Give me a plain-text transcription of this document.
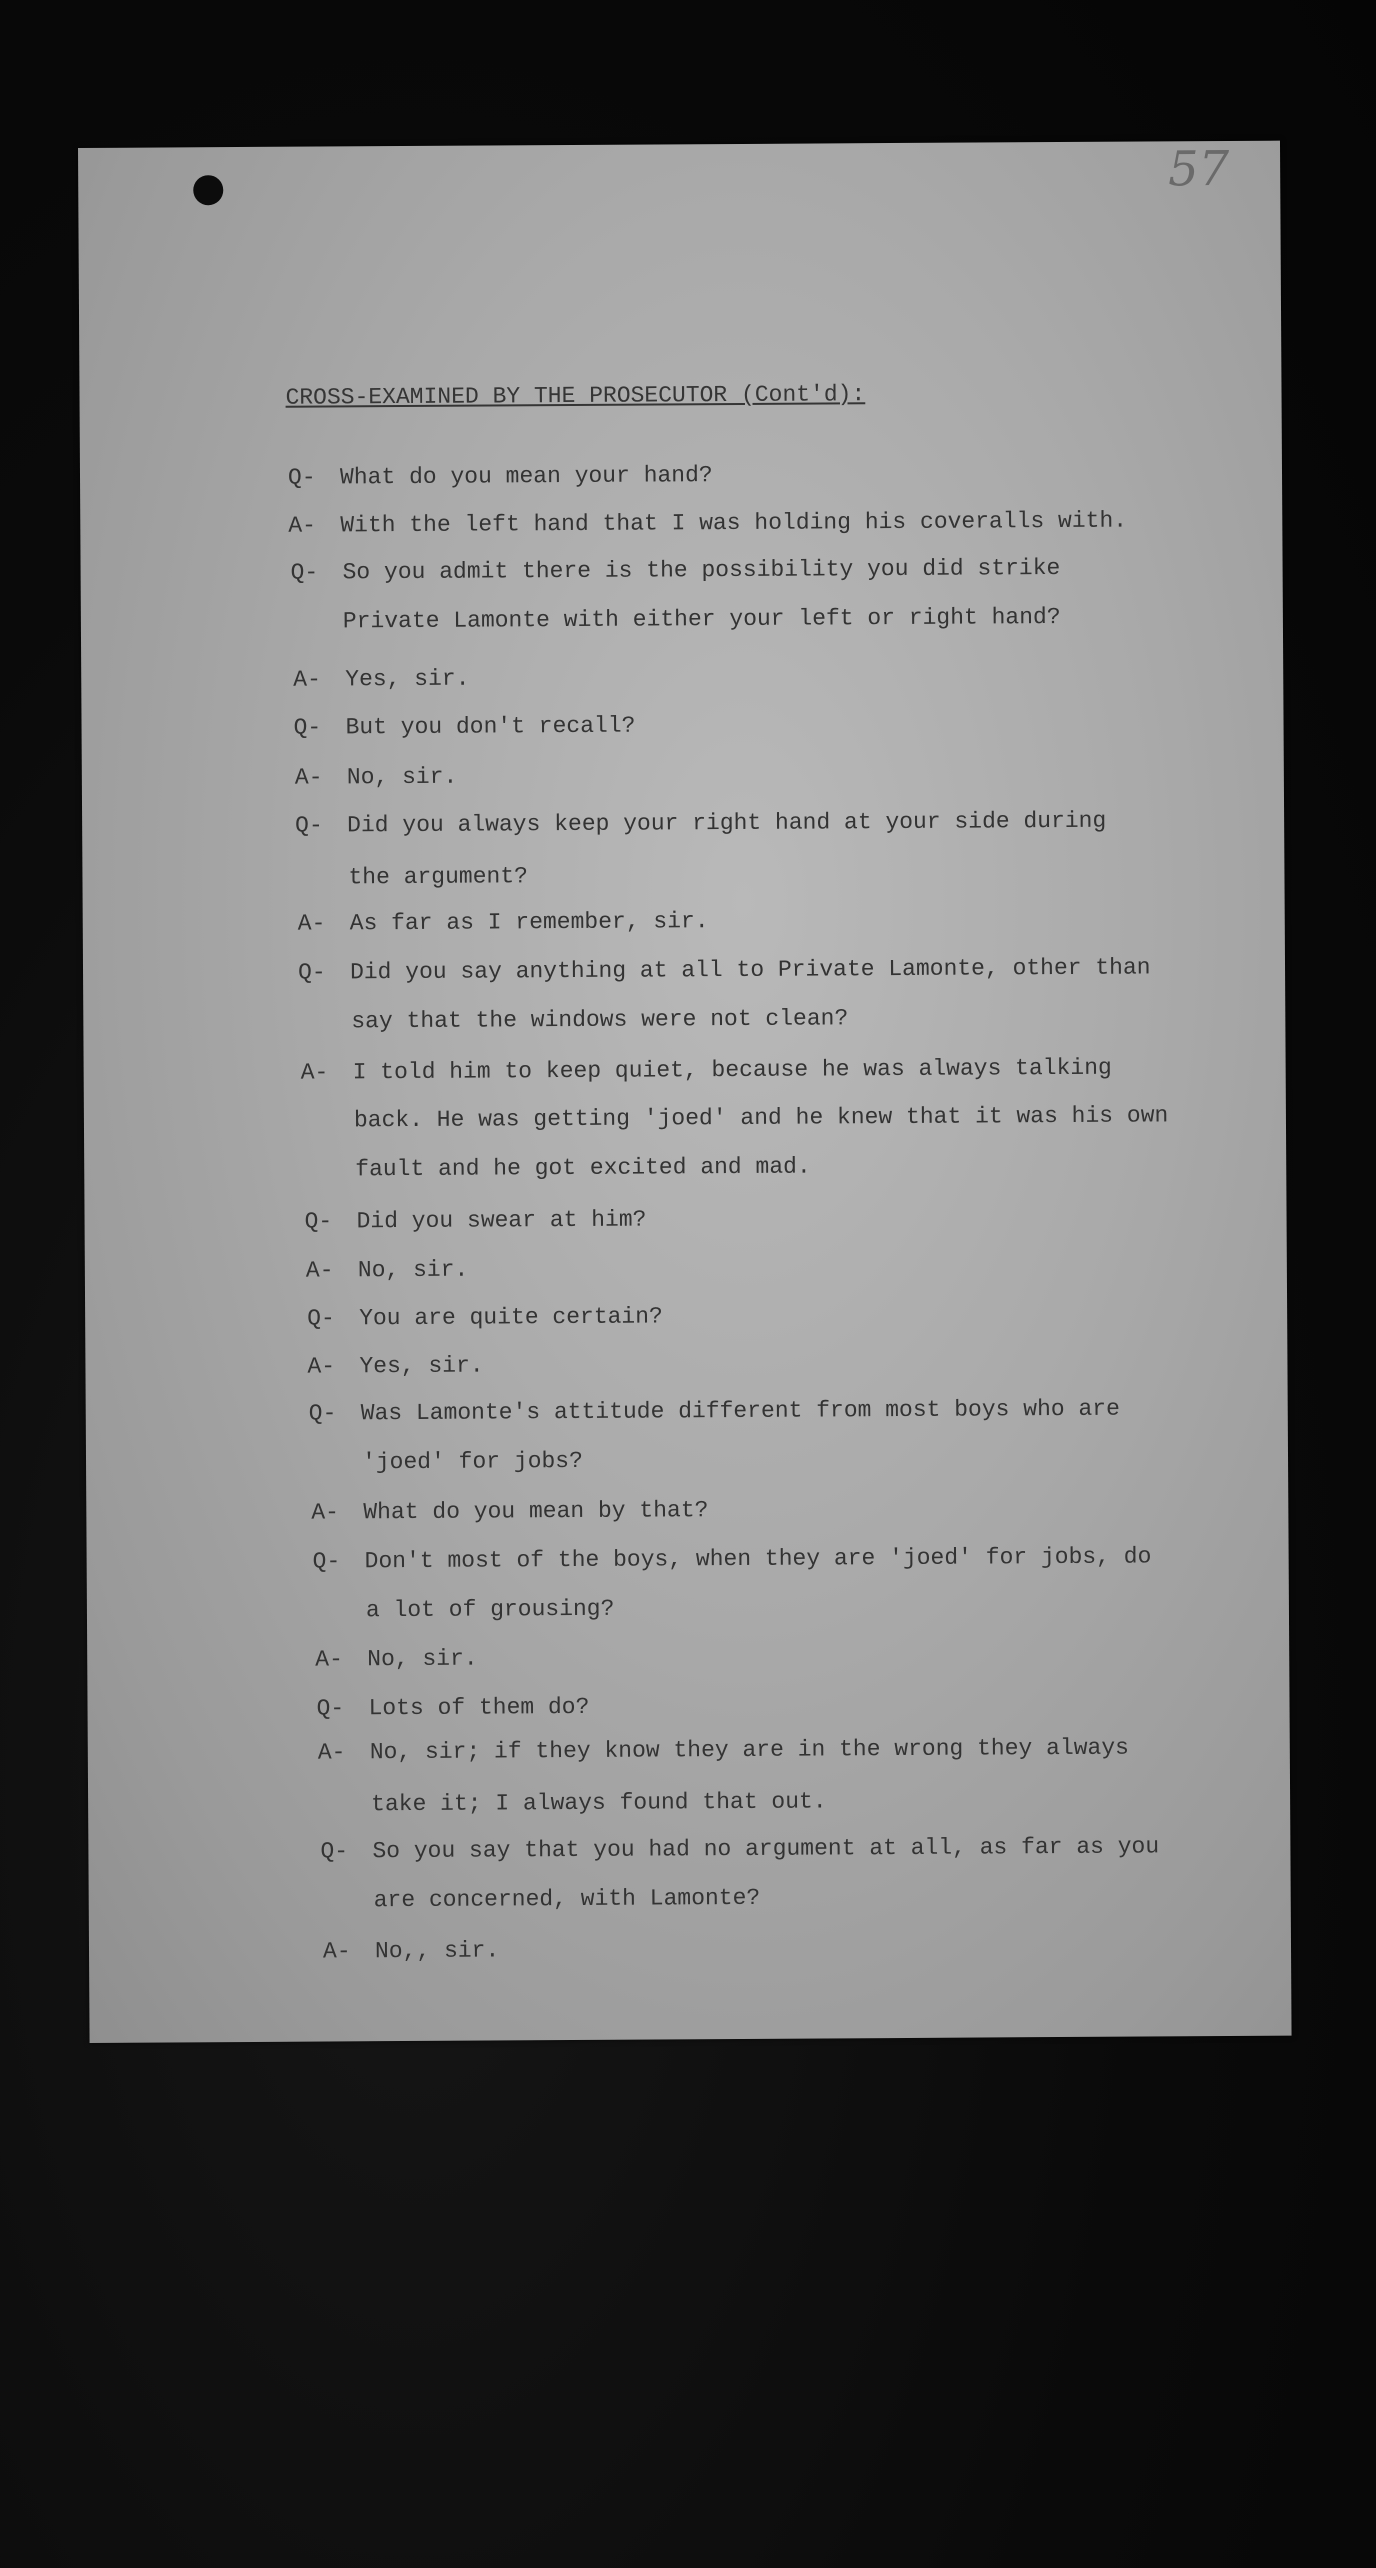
57
CROSS-EXAMINED BY THE PROSECUTOR (Cont'd):
Q- What do you mean your hand?
A- With the left hand that I was holding his coveralls with.
Q- So you admit there is the possibility you did strike
Private Lamonte with either your left or right hand?
A- Yes, sir.
Q- But you don't recall?
A- No, sir.
Q- Did you always keep your right hand at your side during
the argument?
A- As far as I remember, sir.
Q- Did you say anything at all to Private Lamonte, other than
say that the windows were not clean?
A- I told him to keep quiet, because he was always talking
back. He was getting 'joed' and he knew that it was his own
fault and he got excited and mad.
Q- Did you swear at him?
A- No, sir.
Q- You are quite certain?
A- Yes, sir.
Q- Was Lamonte's attitude different from most boys who are
'joed' for jobs?
A- What do you mean by that?
Q- Don't most of the boys, when they are 'joed' for jobs, do
a lot of grousing?
A- No, sir.
Q- Lots of them do?
A- No, sir; if they know they are in the wrong they always
take it; I always found that out.
Q- So you say that you had no argument at all, as far as you
are concerned, with Lamonte?
A- No,, sir.
